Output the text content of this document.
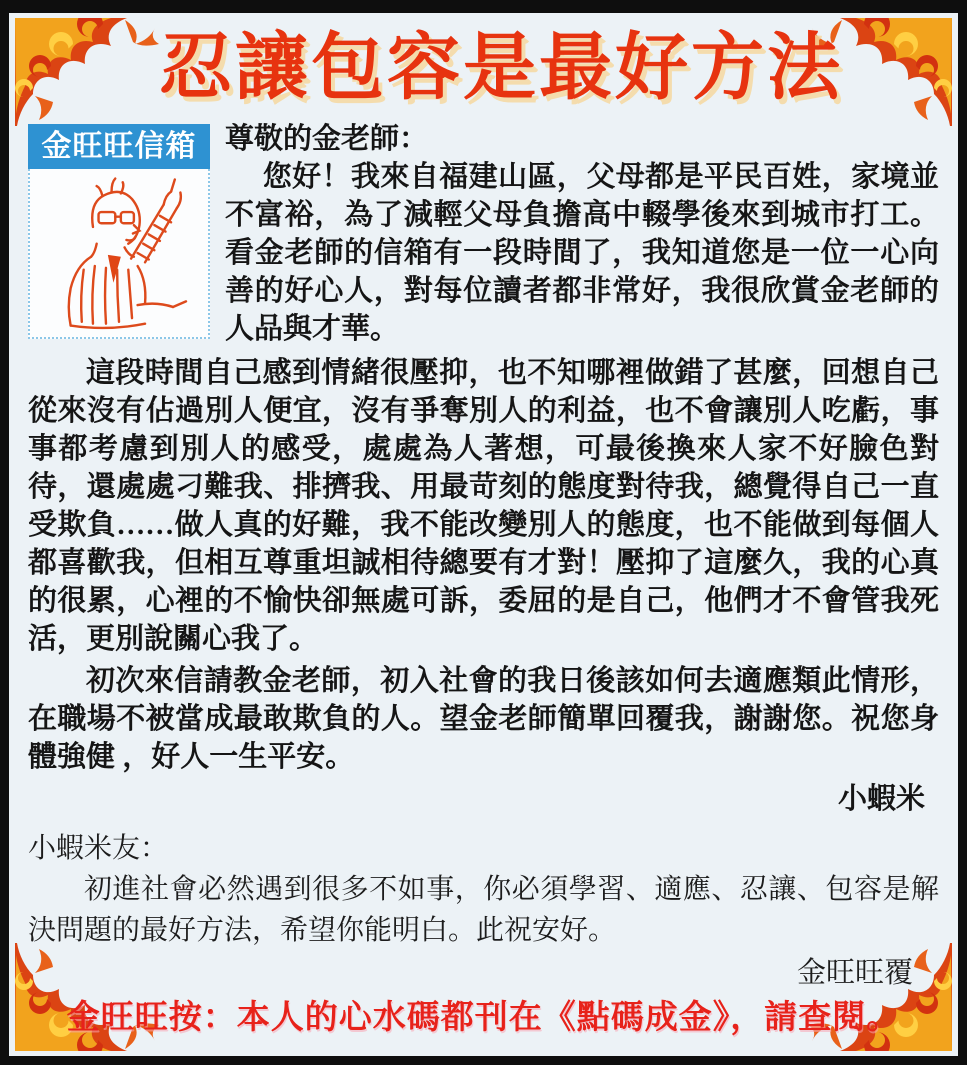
忍讓包容是最好方法
金旺旺信箱 尊敬的金老師：

您好！我來自福建山區，父母都是平民百姓，家境並不富裕，為了減輕父母負擔高中輟學後來到城市打工。看金老師的信箱有一段時間了，我知道您是一位一心向善的好心人，對每位讀者都非常好，我很欣賞金老師的人品與才華。

這段時間自己感到情緒很壓抑，也不知哪裡做錯了甚麼，回想自己從來沒有佔過別人便宜，沒有爭奪別人的利益，也不會讓別人吃虧，事事都考慮到別人的感受，處處為人著想，可最後換來人家不好臉色對待，還處處刁難我、排擠我、用最苛刻的態度對待我，總覺得自己一直受欺負……做人真的好難，我不能改變別人的態度，也不能做到每個人都喜歡我，但相互尊重坦誠相待總要有才對！壓抑了這麼久，我的心真的很累，心裡的不愉快卻無處可訴，委屈的是自己，他們才不會管我死活，更別說關心我了。

初次來信請教金老師，初入社會的我日後該如何去適應類此情形，在職場不被當成最敢欺負的人。望金老師簡單回覆我，謝謝您。祝您身體強健 ，好人一生平安。

小蝦米
小蝦米友：

初進社會必然遇到很多不如事，你必須學習、適應、忍讓、包容是解決問題的最好方法，希望你能明白。此祝安好。

金旺旺覆
金旺旺按：本人的心水碼都刊在《點碼成金》，請查閱。
